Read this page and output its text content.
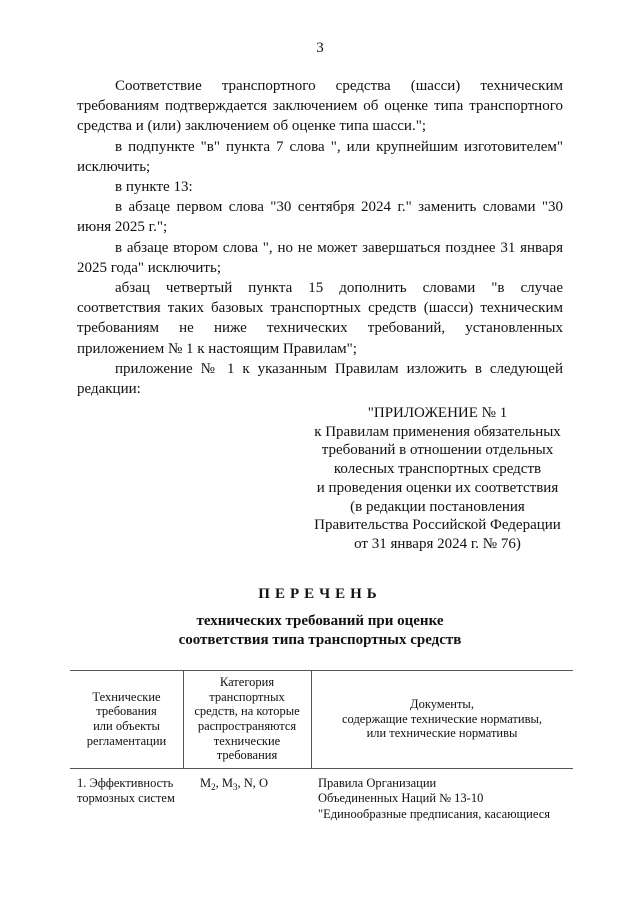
3

Соответствие транспортного средства (шасси) техническим требованиям подтверждается заключением об оценке типа транспортного средства и (или) заключением об оценке типа шасси.";

в подпункте "в" пункта 7 слова ", или крупнейшим изготовителем" исключить;

в пункте 13:

в абзаце первом слова "30 сентября 2024 г." заменить словами "30 июня 2025 г.";

в абзаце втором слова ", но не может завершаться позднее 31 января 2025 года" исключить;

абзац четвертый пункта 15 дополнить словами "в случае соответствия таких базовых транспортных средств (шасси) техническим требованиям не ниже технических требований, установленных приложением № 1 к настоящим Правилам";

приложение № 1 к указанным Правилам изложить в следующей редакции:

"ПРИЛОЖЕНИЕ № 1
к Правилам применения обязательных
требований в отношении отдельных
колесных транспортных средств
и проведения оценки их соответствия
(в редакции постановления
Правительства Российской Федерации
от 31 января 2024 г. № 76)
ПЕРЕЧЕНЬ
технических требований при оценке
соответствия типа транспортных средств
Технические
требования
или объекты
регламентации
Категория
транспортных
средств, на которые
распространяются
технические
требования
Документы,
содержащие технические нормативы,
или технические нормативы
1. Эффективность
тормозных систем
$M_2$, $M_3$, N, O	Правила Организации
Объединенных Наций № 13-10
"Единообразные предписания, касающиеся
